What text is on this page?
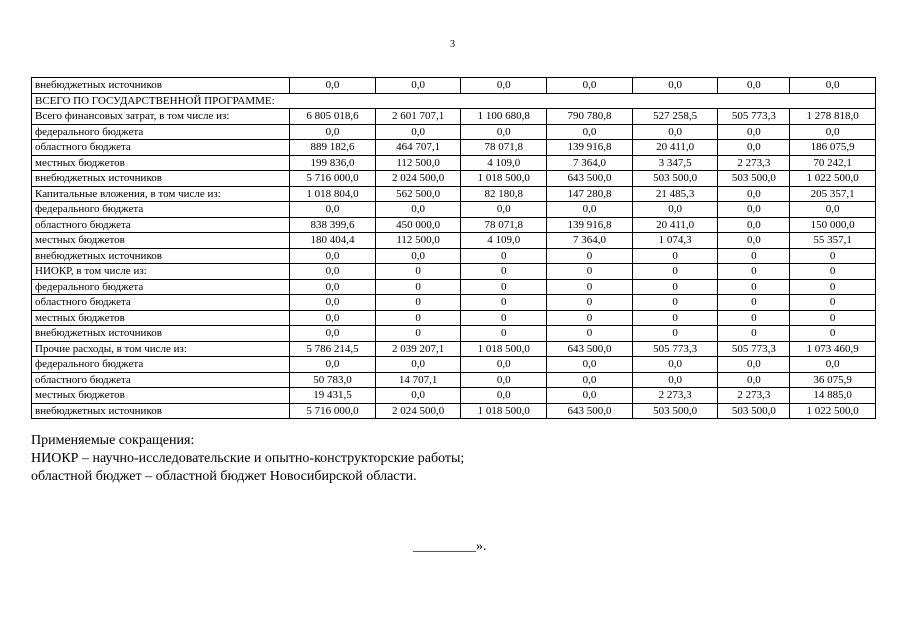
3
внебюджетных источников	0,0	0,0	0,0	0,0	0,0	0,0	0,0
ВСЕГО ПО ГОСУДАРСТВЕННОЙ ПРОГРАММЕ:							
Всего финансовых затрат, в том числе из:	6 805 018,6	2 601 707,1	1 100 680,8	790 780,8	527 258,5	505 773,3	1 278 818,0
федерального бюджета	0,0	0,0	0,0	0,0	0,0	0,0	0,0
областного бюджета	889 182,6	464 707,1	78 071,8	139 916,8	20 411,0	0,0	186 075,9
местных бюджетов	199 836,0	112 500,0	4 109,0	7 364,0	3 347,5	2 273,3	70 242,1
внебюджетных источников	5 716 000,0	2 024 500,0	1 018 500,0	643 500,0	503 500,0	503 500,0	1 022 500,0
Капитальные вложения, в том числе из:	1 018 804,0	562 500,0	82 180,8	147 280,8	21 485,3	0,0	205 357,1
федерального бюджета	0,0	0,0	0,0	0,0	0,0	0,0	0,0
областного бюджета	838 399,6	450 000,0	78 071,8	139 916,8	20 411,0	0,0	150 000,0
местных бюджетов	180 404,4	112 500,0	4 109,0	7 364,0	1 074,3	0,0	55 357,1
внебюджетных источников	0,0	0,0	0	0	0	0	0
НИОКР, в том числе из:	0,0	0	0	0	0	0	0
федерального бюджета	0,0	0	0	0	0	0	0
областного бюджета	0,0	0	0	0	0	0	0
местных бюджетов	0,0	0	0	0	0	0	0
внебюджетных источников	0,0	0	0	0	0	0	0
Прочие расходы, в том числе из:	5 786 214,5	2 039 207,1	1 018 500,0	643 500,0	505 773,3	505 773,3	1 073 460,9
федерального бюджета	0,0	0,0	0,0	0,0	0,0	0,0	0,0
областного бюджета	50 783,0	14 707,1	0,0	0,0	0,0	0,0	36 075,9
местных бюджетов	19 431,5	0,0	0,0	0,0	2 273,3	2 273,3	14 885,0
внебюджетных источников	5 716 000,0	2 024 500,0	1 018 500,0	643 500,0	503 500,0	503 500,0	1 022 500,0

Применяемые сокращения:

НИОКР – научно-исследовательские и опытно-конструкторские работы;

областной бюджет – областной бюджет Новосибирской области.

_________».
